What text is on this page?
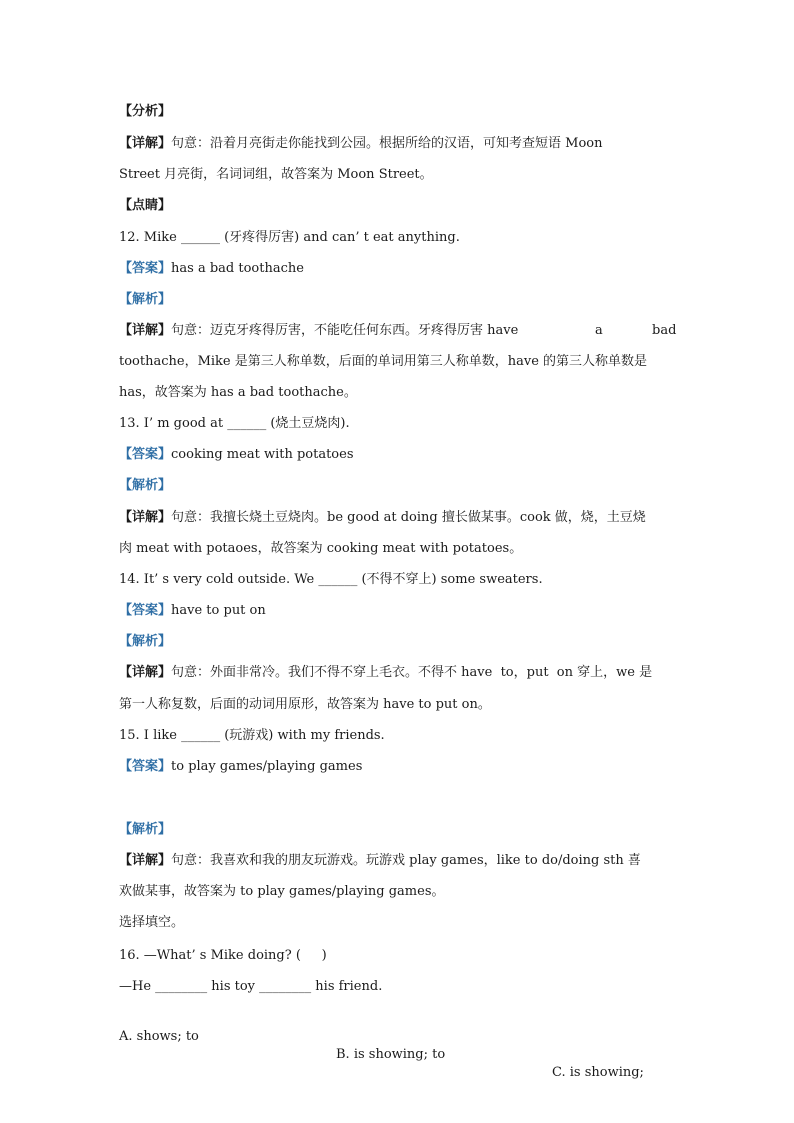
【分析】
【详解】句意：沿着月亮街走你能找到公园。根据所给的汉语，可知考查短语 Moon
Street 月亮街，名词词组，故答案为 Moon Street。
【点睛】
12. Mike ______ (牙疼得厉害) and can’ t eat anything.
【答案】has a bad toothache
【解析】
【详解】句意：迈克牙疼得厉害，不能吃任何东西。牙疼得厉害 have	a	bad
toothache，Mike 是第三人称单数，后面的单词用第三人称单数，have 的第三人称单数是
has，故答案为 has a bad toothache。
13. I’ m good at ______ (烧土豆烧肉).
【答案】cooking meat with potatoes
【解析】
【详解】句意：我擅长烧土豆烧肉。be good at doing 擅长做某事。cook 做，烧，土豆烧
肉 meat with potaoes，故答案为 cooking meat with potatoes。
14. It’ s very cold outside. We ______ (不得不穿上) some sweaters.
【答案】have to put on
【解析】
【详解】句意：外面非常冷。我们不得不穿上毛衣。不得不 have  to，put  on 穿上，we 是
第一人称复数，后面的动词用原形，故答案为 have to put on。
15. I like ______ (玩游戏) with my friends.
【答案】to play games/playing games
【解析】
【详解】句意：我喜欢和我的朋友玩游戏。玩游戏 play games，like to do/doing sth 喜
欢做某事，故答案为 to play games/playing games。
选择填空。
16. —What’ s Mike doing? (     )
—He ________ his toy ________ his friend.

A. shows; to

B. is showing; to

C. is showing;
